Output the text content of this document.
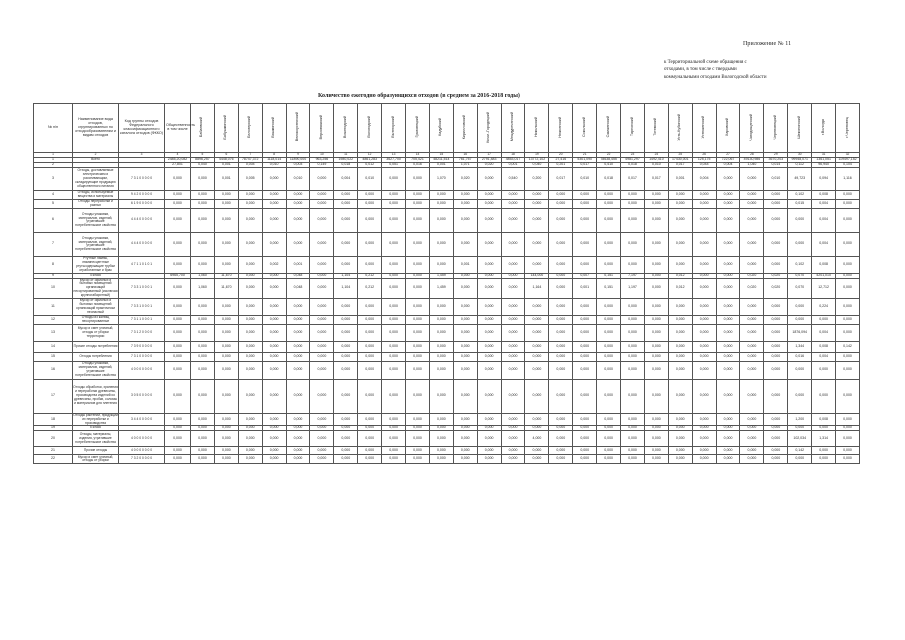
Приложение № 11
к Территориальной схеме обращения с
отходами, в том числе с твердыми
коммунальными отходами Вологодской области
Количество ежегодно образующихся отходов (в среднем за 2016-2018 годы)
№ п/п	Наименование вида отходов, сгруппированных по отходообразователям и видам отходов	Код группы отходов Федерального классификационного каталога отходов (ФККО)	Общественность в том числе	Бабаевский	Бабушкинский	Белозерский	Вашкинский	Великоустюгский	Верховажский	Вожегодский	Вологодский	Вытегорский	Грязовецкий	Кадуйский	Кирилловский	Кичм.-Городецкий	Междуреченский	Никольский	Нюксенский	Сокольский	Сямженский	Тарногский	Тотемский	Усть-Кубинский	Устюженский	Харовский	Чагодощенский	Череповецкий	Шекснинский	г.Вологда	г.Череповец	
1	2	3	4	5	6	7	8	9	10	11	12	13	14	15	16	17	18	19	20	21	22	23	24	25	26	27	28	29	30	31	32	
1	Всего		2485,20,082	8896,257	4448,076	78747,372	1118,014	11890,000	963,256	1980,022	4861,283	3627,700	705,421	48211,514	761,757	2791,483	4853,017	13772,102	27,416	5301,090	78638,455	4981,297	1492,410	17430,001	125,175	722,067	49130,986	3670,203	99948,071	1361,051	119497,152	
2			27,801	0,040	0,001	0,004	0,010	0,003	0,149	0,018	0,012	0,051	0,016	0,001	1,071	0,020	0,001	0,040	0,201	0,017	0,410	0,018	0,010	0,017	0,044	0,004	1,040	0,014	0,112	96,940	0,104	
3	Отходы, доставляемые электрическим и рассеивающим, складирующие продукцию общественного питания	7 3 1 0 0 0 0 0	0,000	0,000	0,001	0,005	0,000	0,010	0,000	0,004	0,010	0,000	0,000	1,070	0,020	0,000	0,540	0,200	0,017	0,010	0,018	0,017	0,017	0,001	0,004	0,000	0,000	0,010	49,723	0,094	1,116	
4	Отходы, используемые вещества и материалы	9 4 2 0 0 0 0 0	0,000	0,000	0,000	0,000	0,000	0,000	0,000	0,000	0,000	0,000	0,000	0,000	0,000	0,000	0,000	0,000	0,000	0,000	0,000	0,000	0,000	0,000	0,000	0,000	0,000	0,000	0,102	0,008	0,000	
5	Отходы переработки и разных	6 1 9 0 0 0 0 0	0,000	0,000	0,000	0,000	0,000	0,000	0,000	0,000	0,000	0,000	0,000	0,000	0,000	0,000	0,000	0,000	0,000	0,000	0,000	0,000	0,000	0,000	0,000	0,000	0,000	0,000	0,015	0,004	0,000	
6	Отходы упаковки, материалов, изделий, утратившие потребительские свойства	4 4 4 0 0 0 0 0	0,000	0,000	0,000	0,000	0,000	0,000	0,000	0,000	0,000	0,000	0,000	0,000	0,000	0,000	0,000	0,000	0,000	0,000	0,000	0,000	0,000	0,000	0,000	0,000	0,000	0,000	0,000	0,004	0,000	
7	Отходы упаковки, материалов, изделий, утратившие потребительские свойства	4 4 4 0 0 0 0 0	0,000	0,000	0,000	0,000	0,000	0,000	0,000	0,000	0,000	0,000	0,000	0,000	0,000	0,000	0,000	0,000	0,000	0,000	0,000	0,000	0,000	0,000	0,000	0,000	0,000	0,000	0,000	0,004	0,000	
8	Ртутные лампы, люминесцентные ртутьсодержащие трубки отработанные и брак	4 7 1 1 0 1 0 1	0,000	0,000	0,000	0,000	0,002	0,001	0,000	0,000	0,000	0,000	0,000	0,000	0,001	0,000	0,000	0,000	0,000	0,000	0,000	0,000	0,000	0,000	0,000	0,000	0,000	0,000	0,102	0,008	0,000	
9	4 класс		6965,700	1,060	11,670	0,000	0,000	0,048	0,000	1,104	0,212	0,000	0,000	1,459	0,000	0,000	0,000	144,000	0,000	0,007	0,151	7,197	0,000	0,012	0,000	0,000	0,020	0,020	0,070	4201,010	0,000	
10	Мусор от офисных и бытовых помещений организаций несортированный (исключая крупногабаритный)	7 3 3 1 0 0 0 1	0,000	1,060	11,670	0,000	0,000	0,048	0,000	1,104	0,212	0,000	0,000	1,459	0,000	0,000	0,000	1,164	0,000	0,001	0,151	1,197	0,000	0,012	0,000	0,000	0,020	0,020	0,070	12,712	0,000	
11	Мусор от офисных и бытовых помещений организаций практически неопасный	7 3 3 1 0 0 0 1	0,000	0,000	0,000	0,000	0,000	0,000	0,000	0,000	0,000	0,000	0,000	0,000	0,000	0,000	0,000	0,000	0,000	0,000	0,000	0,000	0,000	0,000	0,000	0,000	0,000	0,000	0,000	0,224	0,000	
12	Отходы из жилищ несортированные	7 3 1 1 0 0 0 1	0,000	0,000	0,000	0,000	0,000	0,000	0,000	0,000	0,000	0,000	0,000	0,000	0,000	0,000	0,000	0,000	0,000	0,000	0,000	0,000	0,000	0,000	0,000	0,000	0,000	0,000	0,000	0,000	0,000	
13	Мусор и смет уличный, отходы от уборки территории	7 3 1 2 0 0 0 0	0,000	0,000	0,000	0,000	0,000	0,000	0,000	0,000	0,000	0,000	0,000	0,000	0,000	0,000	0,000	0,000	0,000	0,000	0,000	0,000	0,000	0,000	0,000	0,000	0,000	0,000	1876,094	0,004	0,000	
14	Прочие отходы потребления	7 3 9 0 0 0 0 0	0,000	0,000	0,000	0,000	0,000	0,000	0,000	0,000	0,000	0,000	0,000	0,000	0,000	0,000	0,000	0,000	0,000	0,000	0,000	0,000	0,000	0,000	0,000	0,000	0,000	0,000	1,344	0,008	0,142	
15	Отходы потребления	7 3 1 0 0 0 0 0	0,000	0,000	0,000	0,000	0,000	0,000	0,000	0,000	0,000	0,000	0,000	0,000	0,000	0,000	0,000	0,000	0,000	0,000	0,000	0,000	0,000	0,000	0,000	0,000	0,000	0,000	0,016	0,004	0,000	
16	Отходы упаковки, материалов, изделий, утратившие потребительские свойства	4 0 0 0 0 0 0 0	0,000	0,000	0,000	0,000	0,000	0,000	0,000	0,000	0,000	0,000	0,000	0,000	0,000	0,000	0,000	0,000	0,000	0,000	0,000	0,000	0,000	0,000	0,000	0,000	0,000	0,000	0,000	0,000	0,000	
17	Отходы обработки, хранения и переработки древесины, производства изделий из древесины, пробки, соломы и материалов для плетения	3 0 5 0 0 0 0 0	0,000	0,000	0,000	0,000	0,000	0,000	0,000	0,000	0,000	0,000	0,000	0,000	0,000	0,000	0,000	0,000	0,000	0,000	0,000	0,000	0,000	0,000	0,000	0,000	0,000	0,000	0,000	0,000	0,000	
18	Отходы растений, продукции их переработки и производства	3 4 4 0 0 0 0 0	0,000	0,000	0,000	0,000	0,000	0,000	0,000	0,000	0,000	0,000	0,000	0,000	0,000	0,000	0,000	0,000	0,000	0,000	0,000	0,000	0,000	0,000	0,000	0,000	0,000	0,000	1,200	0,008	0,000	
19	5 класс		0,000	0,000	0,000	0,000	0,000	0,000	0,000	0,000	0,000	0,000	0,000	0,000	0,000	0,000	0,000	0,000	0,000	0,000	0,000	0,000	0,000	0,000	0,000	0,000	0,000	0,000	0,000	0,000	0,000	
20	Отходы, материалы, изделия, утратившие потребительские свойства	4 0 0 0 0 0 0 0	0,000	0,000	0,000	0,000	0,000	0,000	0,000	0,000	0,000	0,000	0,000	0,000	0,000	0,000	0,000	4,000	0,000	0,000	0,000	0,000	0,000	0,000	0,000	0,000	0,000	0,000	102,034	1,314	0,000	
21	Прочие отходы	4 0 0 0 0 0 0 0	0,000	0,000	0,000	0,000	0,000	0,000	0,000	0,000	0,000	0,000	0,000	0,000	0,000	0,000	0,000	0,000	0,000	0,000	0,000	0,000	0,000	0,000	0,000	0,000	0,000	0,000	0,142	0,000	0,000	
22	Мусор и смет уличный, отходы от уборки	7 3 2 0 0 0 0 0	0,000	0,000	0,000	0,000	0,000	0,000	0,000	0,000	0,000	0,000	0,000	0,000	0,000	0,000	0,000	0,000	0,000	0,000	0,000	0,000	0,000	0,000	0,000	0,000	0,000	0,000	0,000	0,000	0,000	
